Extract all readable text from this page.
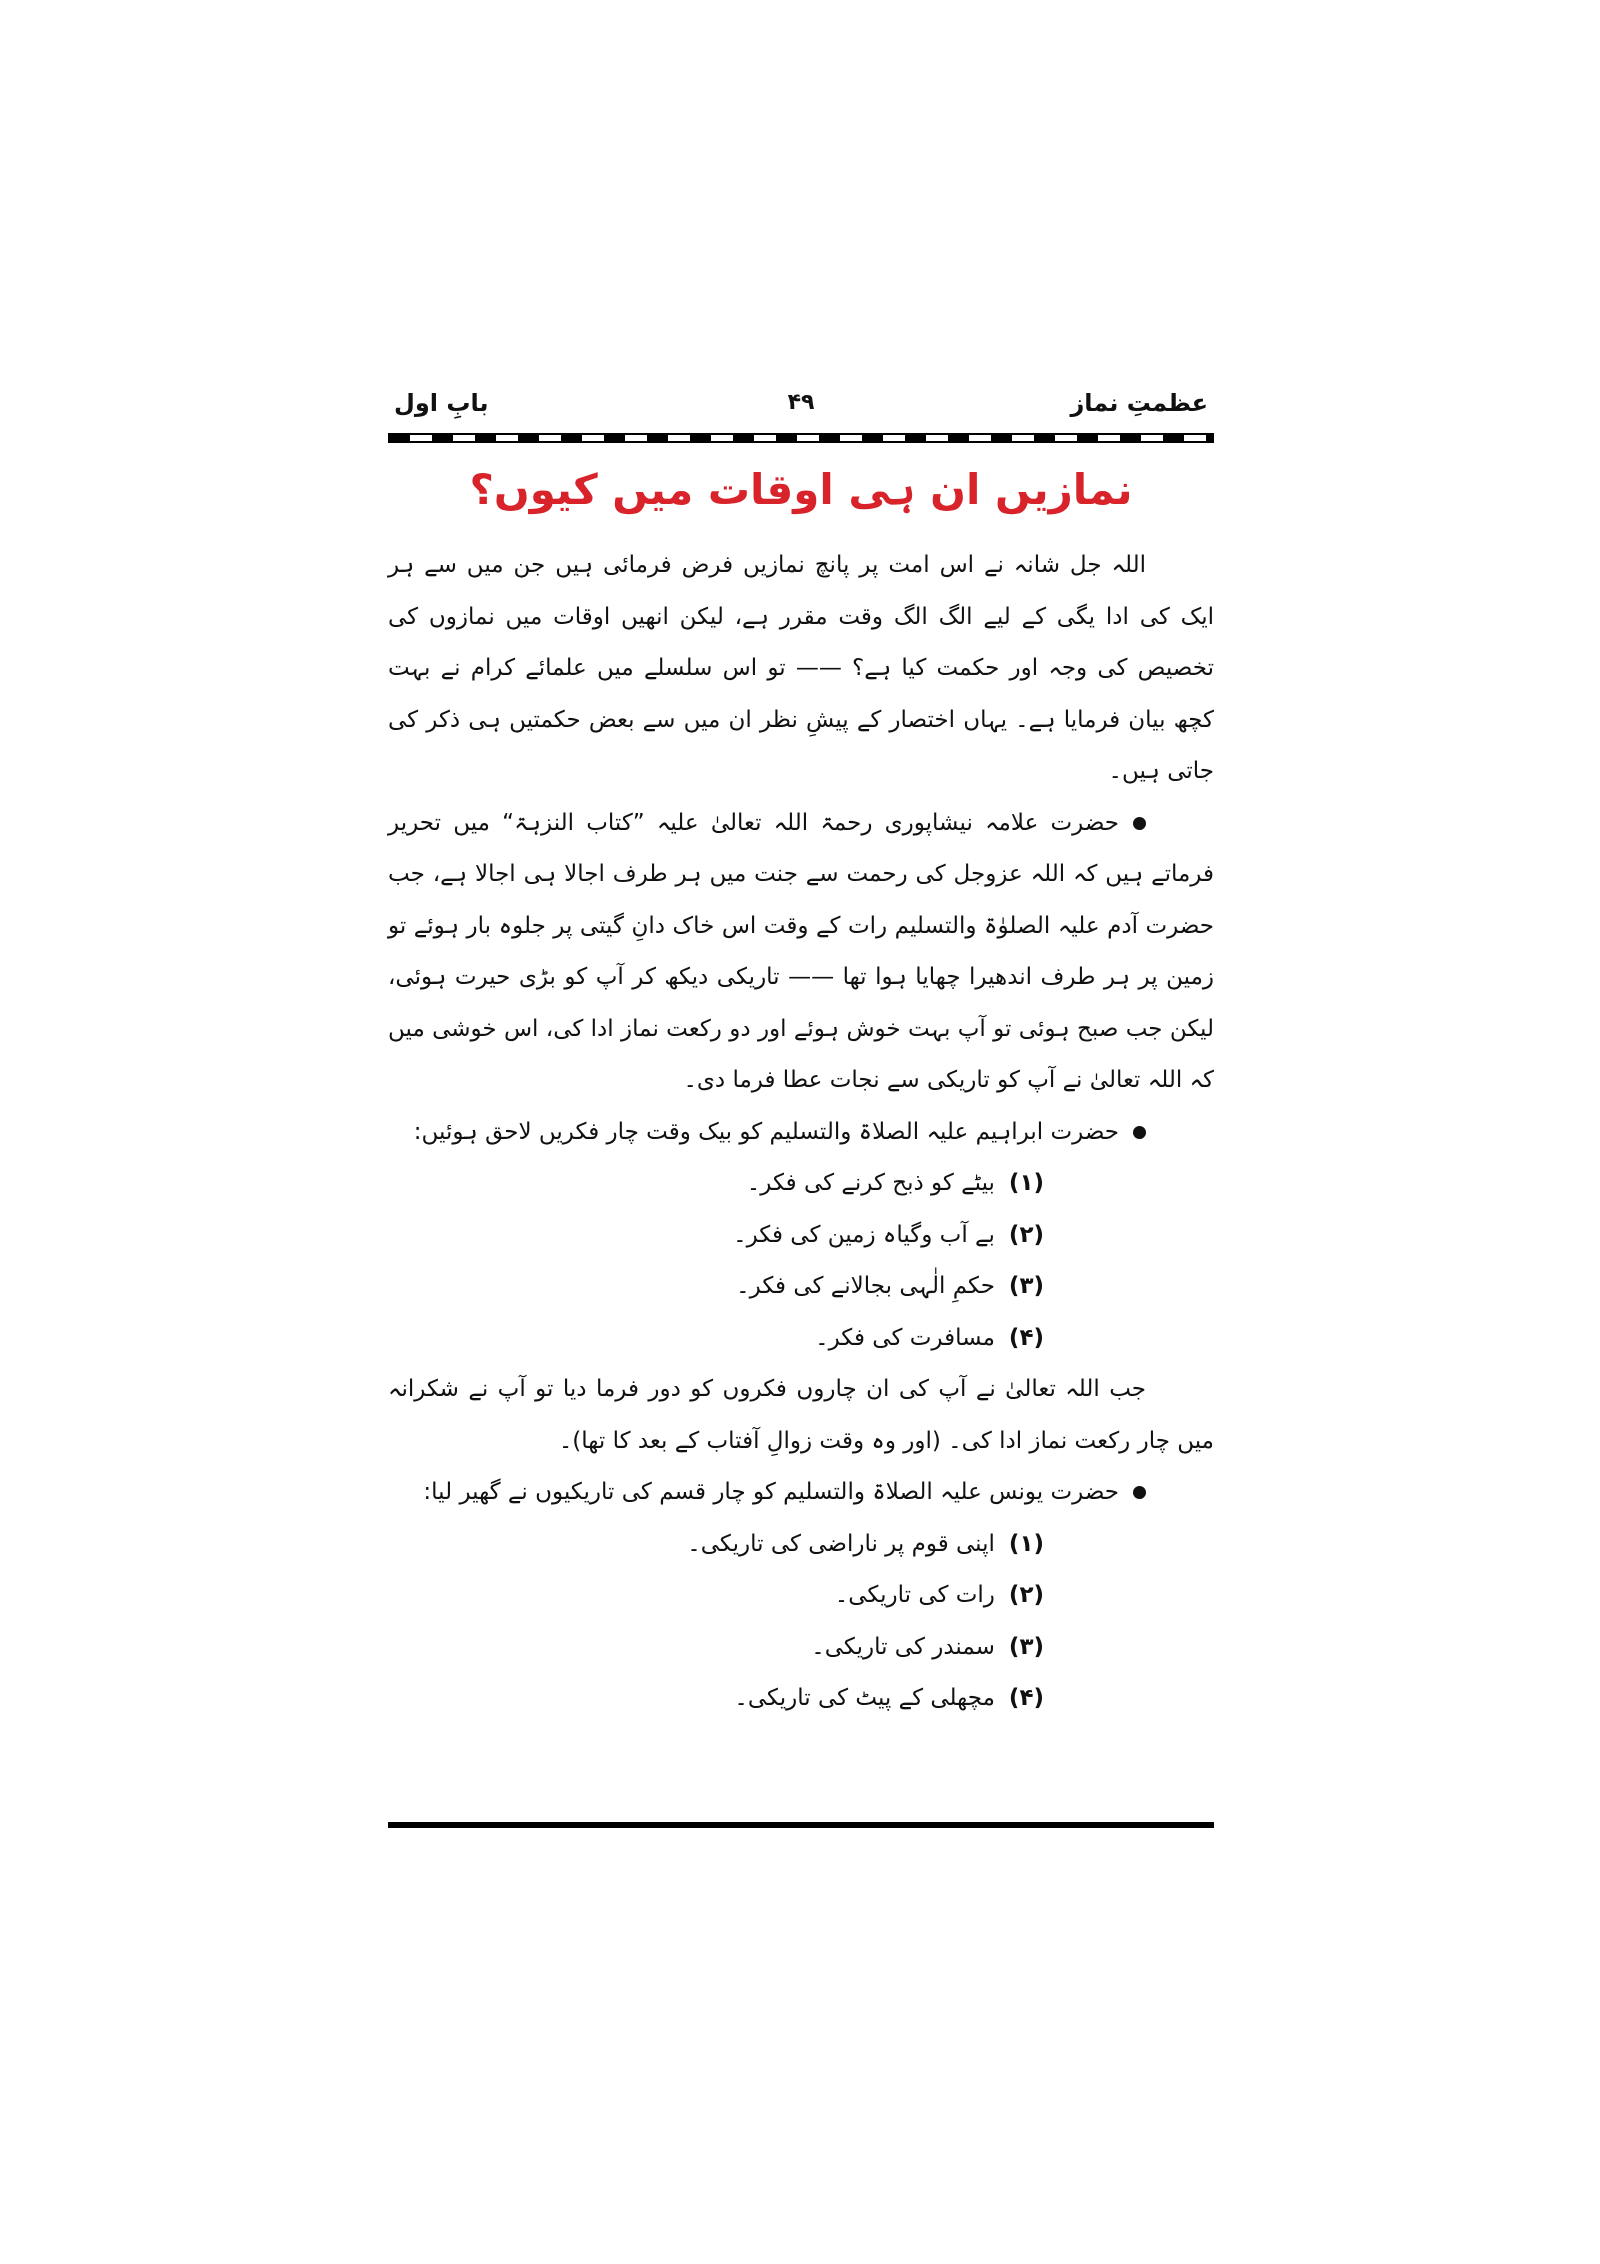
عظمتِ نماز
۴۹
بابِ اول
نمازیں ان ہی اوقات میں کیوں؟

اللہ جل شانہ نے اس امت پر پانچ نمازیں فرض فرمائی ہیں جن میں سے ہر ایک کی ادا یگی کے لیے الگ الگ وقت مقرر ہے، لیکن انھیں اوقات میں نمازوں کی تخصیص کی وجہ اور حکمت کیا ہے؟ —— تو اس سلسلے میں علمائے کرام نے بہت کچھ بیان فرمایا ہے۔ یہاں اختصار کے پیشِ نظر ان میں سے بعض حکمتیں ہی ذکر کی جاتی ہیں۔

حضرت علامہ نیشاپوری رحمۃ اللہ تعالیٰ علیہ ”کتاب النزہۃ“ میں تحریر فرماتے ہیں کہ اللہ عزوجل کی رحمت سے جنت میں ہر طرف اجالا ہی اجالا ہے، جب حضرت آدم علیہ الصلوٰۃ والتسلیم رات کے وقت اس خاک دانِ گیتی پر جلوہ بار ہوئے تو زمین پر ہر طرف اندھیرا چھایا ہوا تھا —— تاریکی دیکھ کر آپ کو بڑی حیرت ہوئی، لیکن جب صبح ہوئی تو آپ بہت خوش ہوئے اور دو رکعت نماز ادا کی، اس خوشی میں کہ اللہ تعالیٰ نے آپ کو تاریکی سے نجات عطا فرما دی۔

حضرت ابراہیم علیہ الصلاۃ والتسلیم کو بیک وقت چار فکریں لاحق ہوئیں:

(۱)بیٹے کو ذبح کرنے کی فکر۔
(۲)بے آب وگیاہ زمین کی فکر۔
(۳)حکمِ الٰہی بجالانے کی فکر۔
(۴)مسافرت کی فکر۔

جب اللہ تعالیٰ نے آپ کی ان چاروں فکروں کو دور فرما دیا تو آپ نے شکرانہ میں چار رکعت نماز ادا کی۔ (اور وہ وقت زوالِ آفتاب کے بعد کا تھا)۔

حضرت یونس علیہ الصلاۃ والتسلیم کو چار قسم کی تاریکیوں نے گھیر لیا:

(۱)اپنی قوم پر ناراضی کی تاریکی۔
(۲)رات کی تاریکی۔
(۳)سمندر کی تاریکی۔
(۴)مچھلی کے پیٹ کی تاریکی۔
